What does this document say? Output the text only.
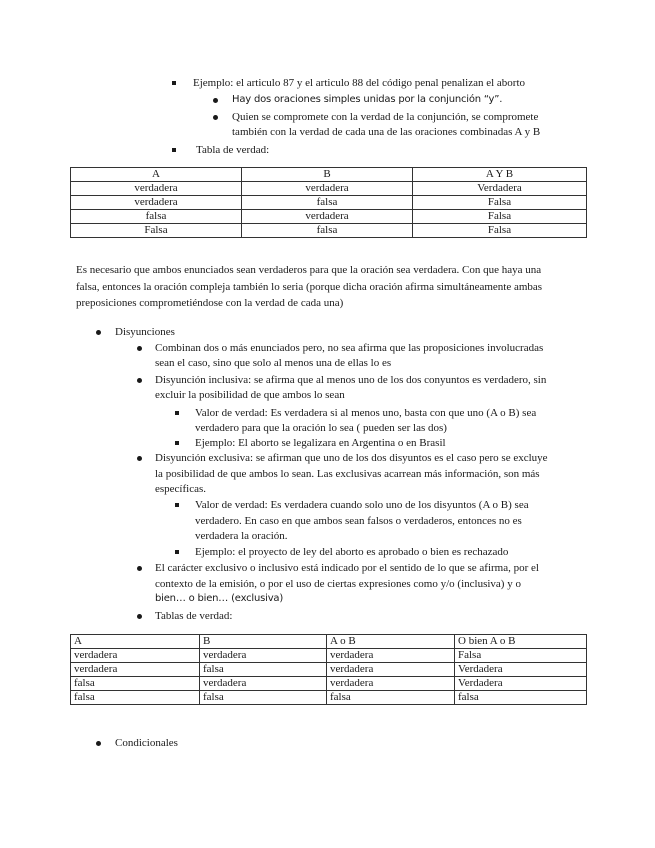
Ejemplo: el articulo 87 y el articulo 88 del código penal penalizan el aborto
Hay dos oraciones simples unidas por la conjunción “y”.
Quien se compromete con la verdad de la conjunción, se compromete
también con la verdad de cada una de las oraciones combinadas A y B
Tabla de verdad:
A	B	A Y B
verdadera	verdadera	Verdadera
verdadera	falsa	Falsa
falsa	verdadera	Falsa
Falsa	falsa	Falsa
Es necesario que ambos enunciados sean verdaderos para que la oración sea verdadera. Con que haya una
falsa, entonces la oración compleja también lo seria (porque dicha oración afirma simultáneamente ambas
preposiciones comprometiéndose con la verdad de cada una)
Disyunciones
Combinan dos o más enunciados pero, no sea afirma que las proposiciones involucradas
sean el caso, sino que solo al menos una de ellas lo es
Disyunción inclusiva: se afirma que al menos uno de los dos conyuntos es verdadero, sin
excluir la posibilidad de que ambos lo sean
Valor de verdad: Es verdadera si al menos uno, basta con que uno (A o B) sea
verdadero para que la oración lo sea ( pueden ser las dos)
Ejemplo: El aborto se legalizara en Argentina o en Brasil
Disyunción exclusiva: se afirman que uno de los dos disyuntos es el caso pero se excluye
la posibilidad de que ambos lo sean. Las exclusivas acarrean más información, son más
específicas.
Valor de verdad: Es verdadera cuando solo uno de los disyuntos (A o B) sea
verdadero. En caso en que ambos sean falsos o verdaderos, entonces no es
verdadera la oración.
Ejemplo: el proyecto de ley del aborto es aprobado o bien es rechazado
El carácter exclusivo o inclusivo está indicado por el sentido de lo que se afirma, por el
contexto de la emisión, o por el uso de ciertas expresiones como y/o (inclusiva) y o
bien… o bien… (exclusiva)
Tablas de verdad:
A	B	A o B	O bien A o B
verdadera	verdadera	verdadera	Falsa
verdadera	falsa	verdadera	Verdadera
falsa	verdadera	verdadera	Verdadera
falsa	falsa	falsa	falsa
Condicionales
